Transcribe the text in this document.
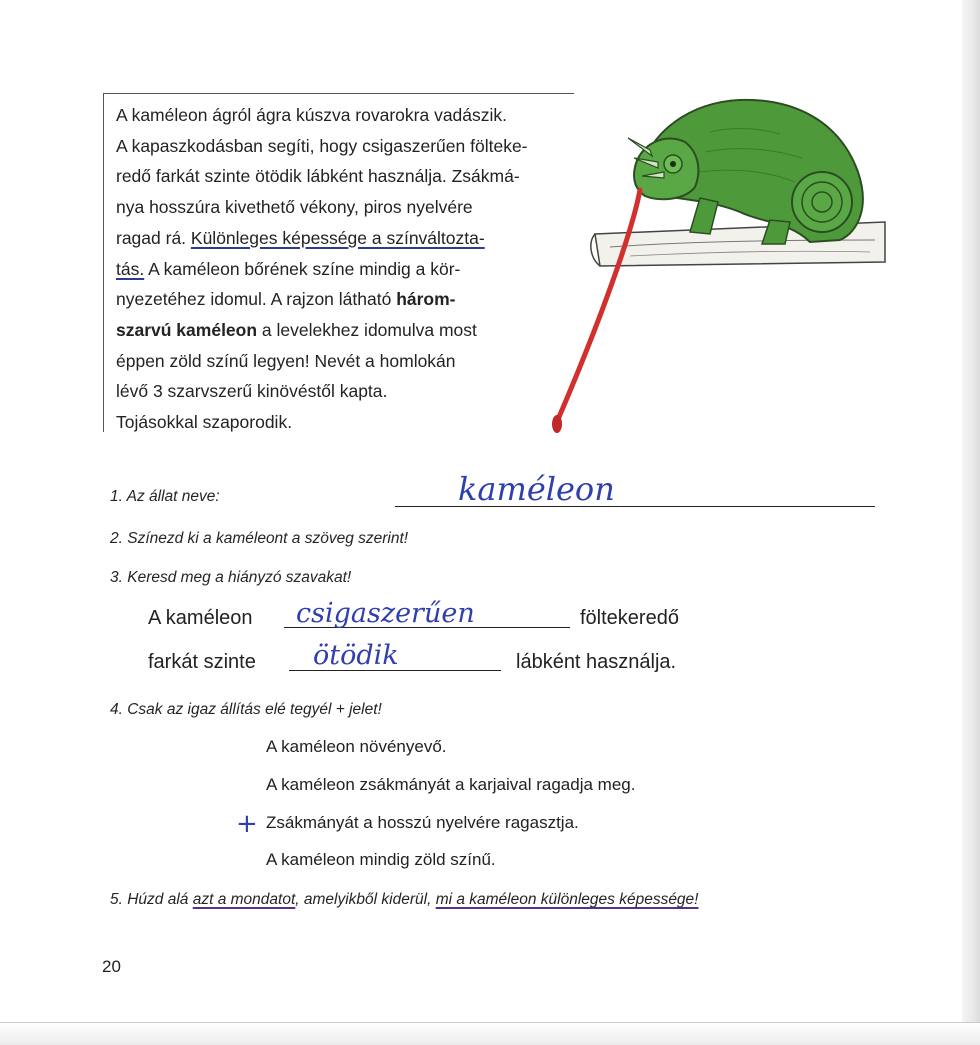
A kaméleon ágról ágra kúszva rovarokra vadászik.
A kapaszkodásban segíti, hogy csigaszerűen fölteke-
redő farkát szinte ötödik lábként használja. Zsákmá-
nya hosszúra kivethető vékony, piros nyelvére
ragad rá. Különleges képessége a színváltozta-
tás. A kaméleon bőrének színe mindig a kör-
nyezetéhez idomul. A rajzon látható három-
szarvú kaméleon a levelekhez idomulva most
éppen zöld színű legyen! Nevét a homlokán
lévő 3 szarvszerű kinövéstől kapta.
Tojásokkal szaporodik.
1. Az állat neve:	kaméleon
2. Színezd ki a kaméleont a szöveg szerint!
3. Keresd meg a hiányzó szavakat!
A kaméleon csigaszerűen	föltekeredő
farkát szinte ötödik	lábként használja.
4. Csak az igaz állítás elé tegyél + jelet!
A kaméleon növényevő.
A kaméleon zsákmányát a karjaival ragadja meg.
+ Zsákmányát a hosszú nyelvére ragasztja.
A kaméleon mindig zöld színű.
5. Húzd alá azt a mondatot, amelyikből kiderül, mi a kaméleon különleges képessége!
20
